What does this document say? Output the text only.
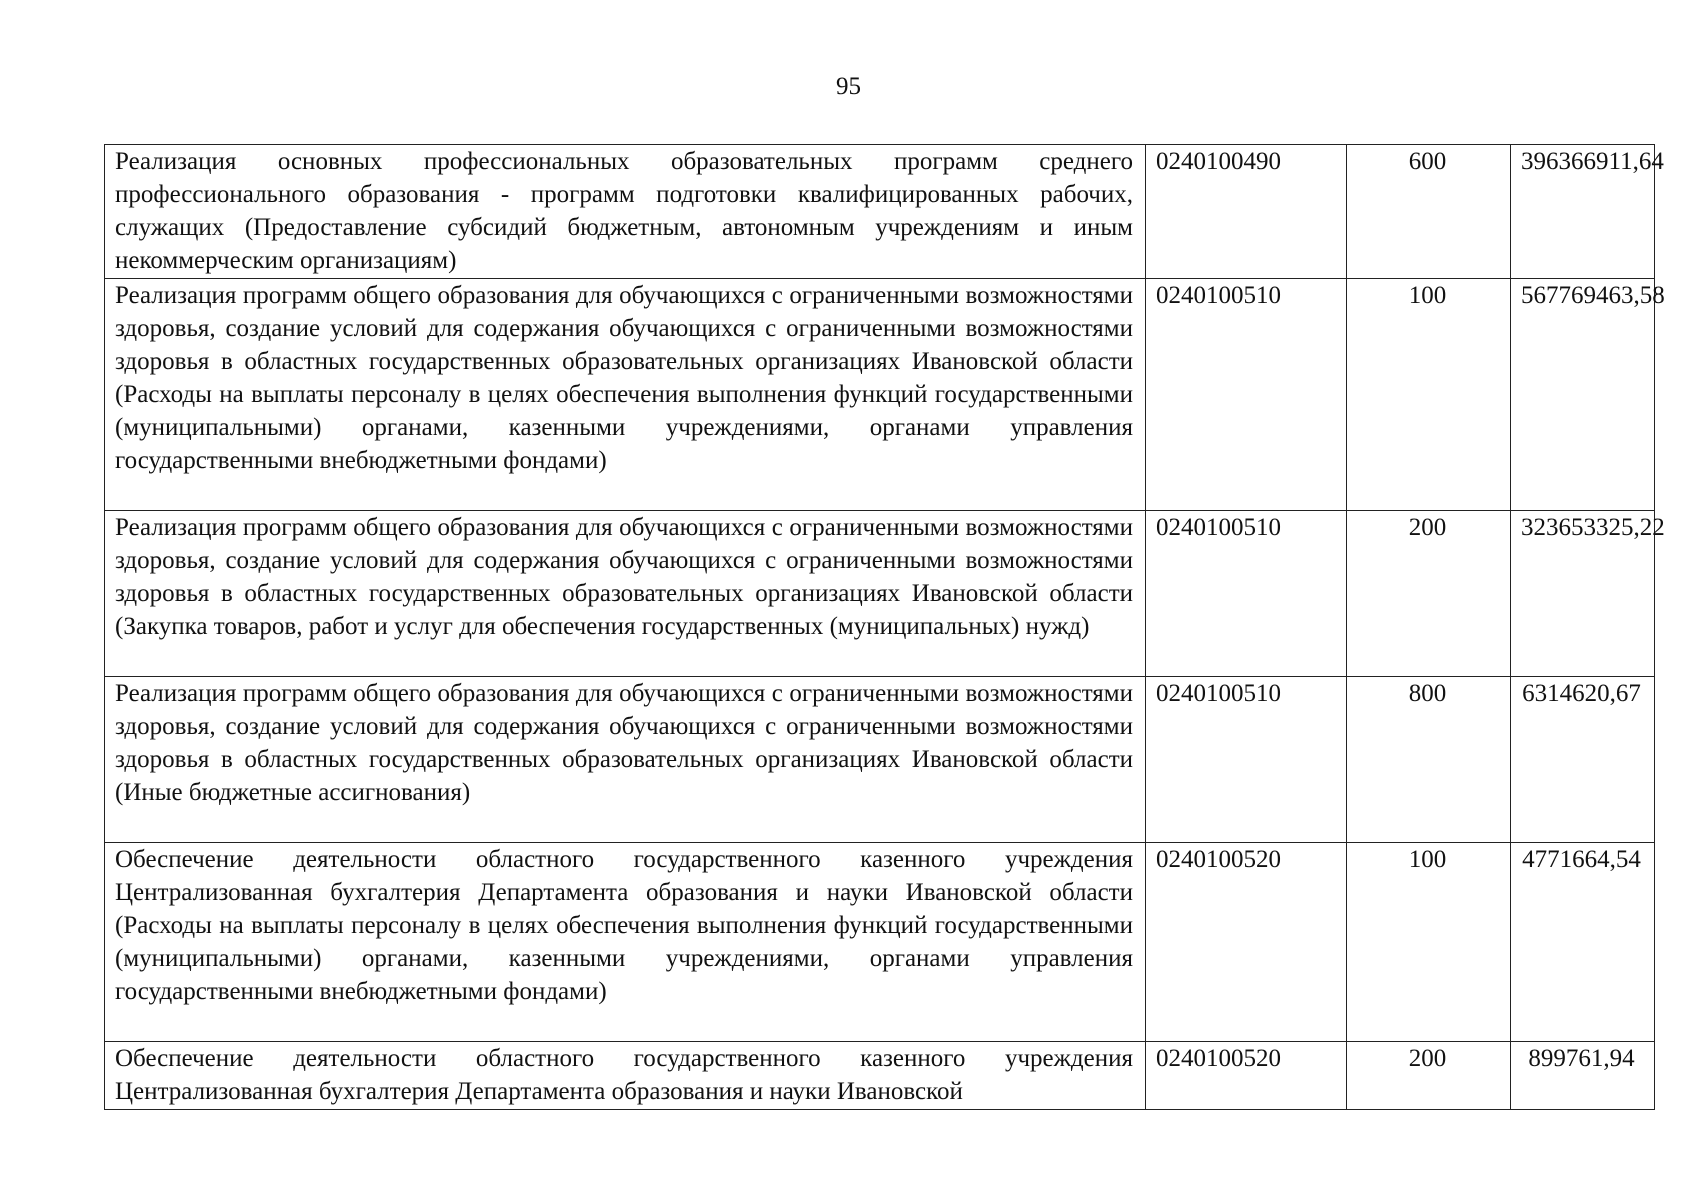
95
Реализация основных профессиональных образовательных программ среднего профессионального образования - программ подготовки квалифицированных рабочих, служащих (Предоставление субсидий бюджетным, автономным учреждениям и иным некоммерческим организациям)	0240100490	600	396366911,64

Реализация программ общего образования для обучающихся с ограниченными возможностями здоровья, создание условий для содержания обучающихся с ограниченными возможностями здоровья в областных государственных образовательных организациях Ивановской области (Расходы на выплаты персоналу в целях обеспечения выполнения функций государственными (муниципальными) органами, казенными учреждениями, органами управления государственными внебюджетными фондами)	0240100510	100	567769463,58

Реализация программ общего образования для обучающихся с ограниченными возможностями здоровья, создание условий для содержания обучающихся с ограниченными возможностями здоровья в областных государственных образовательных организациях Ивановской области (Закупка товаров, работ и услуг для обеспечения государственных (муниципальных) нужд)	0240100510	200	323653325,22

Реализация программ общего образования для обучающихся с ограниченными возможностями здоровья, создание условий для содержания обучающихся с ограниченными возможностями здоровья в областных государственных образовательных организациях Ивановской области (Иные бюджетные ассигнования)	0240100510	800	6314620,67

Обеспечение деятельности областного государственного казенного учреждения Централизованная бухгалтерия Департамента образования и науки Ивановской области (Расходы на выплаты персоналу в целях обеспечения выполнения функций государственными (муниципальными) органами, казенными учреждениями, органами управления государственными внебюджетными фондами)	0240100520	100	4771664,54

Обеспечение деятельности областного государственного казенного учреждения Централизованная бухгалтерия Департамента образования и науки Ивановской	0240100520	200	899761,94
